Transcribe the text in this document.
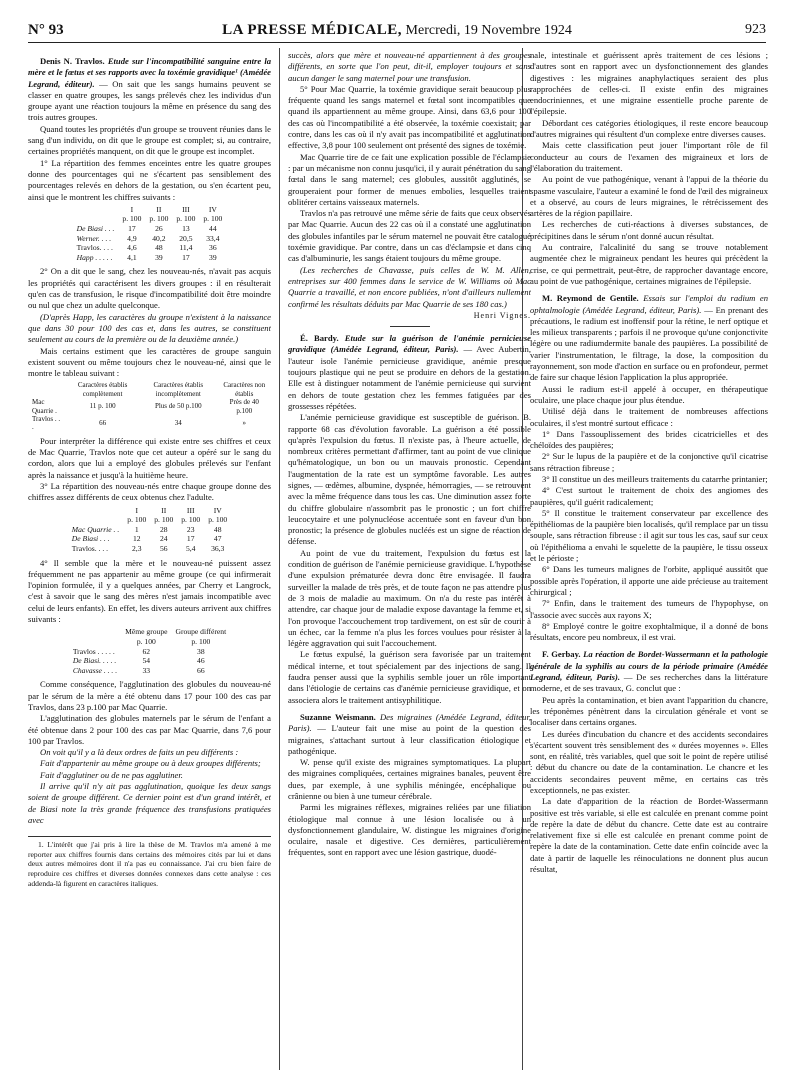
N° 93	LA PRESSE MÉDICALE, Mercredi, 19 Novembre 1924	923

Denis N. Travlos. Etude sur l'incompatibilité sanguine entre la mère et le fœtus et ses rapports avec la toxémie gravidique¹ (Amédée Legrand, éditeur). — On sait que les sangs humains peuvent se classer en quatre groupes, les sangs prélevés chez les individus d'un groupe ayant une réaction toujours la même en présence du sang des trois autres groupes.

Quand toutes les propriétés d'un groupe se trouvent réunies dans le sang d'un individu, on dit que le groupe est complet; si, au contraire, certaines propriétés manquent, on dit que le groupe est incomplet.

1° La répartition des femmes enceintes entre les quatre groupes donne des pourcentages qui ne s'écartent pas sensiblement des pourcentages relevés en dehors de la gestation, ou s'en écartent peu, ainsi que le montrent les chiffres suivants :

	I	II	III	IV
	p. 100	p. 100	p. 100	p. 100
De Biasi . . .	17	26	13	44
Werner. . . .	4,9	40,2	20,5	33,4
Travlos. . . .	4,6	48	11,4	36
Happ . . . . .	4,1	39	17	39

2° On a dit que le sang, chez les nouveau-nés, n'avait pas acquis les propriétés qui caractérisent les divers groupes : il en résulterait qu'en cas de transfusion, le risque d'incompatibilité doit être moindre ou nul que chez un adulte quelconque.

(D'après Happ, les caractères du groupe n'existent à la naissance que dans 30 pour 100 des cas et, dans les autres, se constituent seulement au cours de la première ou de la deuxième année.)

Mais certains estiment que les caractères de groupe sanguin existent souvent ou même toujours chez le nouveau-né, ainsi que le montre le tableau suivant :

	Caractères établis complètement	Caractères établis incomplètement	Caractères non établis
Mac Quarrie .	11 p. 100	Plus de 50 p.100	Près de 40 p.100
Travlos . . .	66	34	»

Pour interpréter la différence qui existe entre ses chiffres et ceux de Mac Quarrie, Travlos note que cet auteur a opéré sur le sang du cordon, alors que lui a employé des globules prélevés sur l'enfant après la naissance et jusqu'à la huitième heure.

3° La répartition des nouveau-nés entre chaque groupe donne des chiffres assez différents de ceux obtenus chez l'adulte.

	I	II	III	IV
	p. 100	p. 100	p. 100	p. 100
Mac Quarrie . .	1	28	23	48
De Biasi . . .	12	24	17	47
Travlos. . . .	2,3	56	5,4	36,3

4° Il semble que la mère et le nouveau-né puissent assez fréquemment ne pas appartenir au même groupe (ce qui infirmerait l'opinion formulée, il y a quelques années, par Cherry et Langrock, c'est à savoir que le sang des mères n'est jamais incompatible avec celui de leurs enfants). En effet, les divers auteurs arrivent aux chiffres suivants :

	Même groupe	Groupe différent
	p. 100	p. 100
Travlos . . . . .	62	38
De Biasi. . . . .	54	46
Chavasse . . . .	33	66

Comme conséquence, l'agglutination des globules du nouveau-né par le sérum de la mère a été obtenu dans 17 pour 100 des cas par Travlos, dans 23 p.100 par Mac Quarrie.

L'agglutination des globules maternels par le sérum de l'enfant a été obtenue dans 2 pour 100 des cas par Mac Quarrie, dans 7,6 pour 100 par Travlos.

On voit qu'il y a là deux ordres de faits un peu différents :

Fait d'appartenir au même groupe ou à deux groupes différents;

Fait d'agglutiner ou de ne pas agglutiner.

Il arrive qu'il n'y ait pas agglutination, quoique les deux sangs soient de groupe différent. Ce dernier point est d'un grand intérêt, et de Biasi note la très grande fréquence des transfusions pratiquées avec

1. L'intérêt que j'ai pris à lire la thèse de M. Travlos m'a amené à me reporter aux chiffres fournis dans certains des mémoires cités par lui et dans deux autres mémoires dont il n'a pas eu connaissance. J'ai cru bien faire de reproduire ces chiffres et diverses données connexes dans cette analyse : ces addenda-là figurent en caractères italiques.

succès, alors que mère et nouveau-né appartiennent à des groupes différents, en sorte que l'on peut, dit-il, employer toujours et sans aucun danger le sang maternel pour une transfusion.

5° Pour Mac Quarrie, la toxémie gravidique serait beaucoup plus fréquente quand les sangs maternel et fœtal sont incompatibles que quand ils appartiennent au même groupe. Ainsi, dans 63,6 pour 100 des cas où l'incompatibilité a été observée, la toxémie coexistait; par contre, dans les cas où il n'y avait pas incompatibilité et agglutination effective, 3,8 pour 100 seulement ont présenté des signes de toxémie.

Mac Quarrie tire de ce fait une explication possible de l'éclampsie : par un mécanisme non connu jusqu'ici, il y aurait pénétration du sang fœtal dans le sang maternel; ces globules, aussitôt agglutinés, se grouperaient pour former de menues embolies, lesquelles traient oblitérer certains vaisseaux maternels.

Travlos n'a pas retrouvé une même série de faits que ceux observés par Mac Quarrie. Aucun des 22 cas où il a constaté une agglutination des globules infantiles par le sérum maternel ne pouvait être catalogué toxémie gravidique. Par contre, dans un cas d'éclampsie et dans cinq cas d'albuminurie, les sangs étaient toujours du même groupe.

(Les recherches de Chavasse, puis celles de W. M. Allen, entreprises sur 400 femmes dans le service de W. Williams où Mac Quarrie a travaillé, et non encore publiées, n'ont d'ailleurs nullement confirmé les résultats déduits par Mac Quarrie de ses 180 cas.)

Henri Vignes.

É. Bardy. Etude sur la guérison de l'anémie pernicieuse gravidique (Amédée Legrand, éditeur, Paris). — Avec Aubertin, l'auteur isole l'anémie pernicieuse gravidique, anémie presque toujours plastique qui ne peut se produire en dehors de la gestation. Elle est à distinguer notamment de l'anémie pernicieuse qui survient en dehors de toute gestation chez les femmes fatiguées par des grossesses répétées.

L'anémie pernicieuse gravidique est susceptible de guérison. B. rapporte 68 cas d'évolution favorable. La guérison a été possible qu'après l'expulsion du fœtus. Il n'existe pas, à l'heure actuelle, de nombreux critères permettant d'affirmer, tant au point de vue clinique qu'hématologique, un bon ou un mauvais pronostic. Cependant l'augmentation de la rate est un symptôme favorable. Les autres signes, — œdèmes, albumine, dyspnée, hémorragies, — se retrouvent avec la même fréquence dans tous les cas. Une diminution assez forte du chiffre globulaire n'assombrit pas le pronostic ; un fort chiffre leucocytaire et une polynucléose accentuée sont en faveur d'un bon pronostic; la présence de globules nucléés est un signe de réaction de défense.

Au point de vue du traitement, l'expulsion du fœtus est la condition de guérison de l'anémie pernicieuse gravidique. L'hypothèse d'une expulsion prématurée devra donc être envisagée. Il faudra surveiller la malade de très près, et de toute façon ne pas attendre plus de 3 mois de maladie au maximum. On n'a du reste pas intérêt à attendre, car chaque jour de maladie expose davantage la femme et, si l'on provoque l'accouchement trop tardivement, on est sûr de courir à un échec, car la femme n'a plus les forces voulues pour résister à la légère aggravation qui suit l'accouchement.

Le fœtus expulsé, la guérison sera favorisée par un traitement médical interne, et tout spécialement par des injections de sang. Il faudra penser aussi que la syphilis semble jouer un rôle important dans l'étiologie de certains cas d'anémie pernicieuse gravidique, et on associera alors le traitement antisyphilitique.

Suzanne Weismann. Des migraines (Amédée Legrand, éditeur, Paris). — L'auteur fait une mise au point de la question des migraines, s'attachant surtout à leur classification étiologique et pathogénique.

W. pense qu'il existe des migraines symptomatiques. La plupart des migraines compliquées, certaines migraines banales, peuvent être dues, par exemple, à une syphilis méningée, encéphalique ou crânienne ou bien à une tumeur cérébrale.

Parmi les migraines réflexes, migraines reliées par une filiation étiologique mal connue à une lésion localisée ou à un dysfonctionnement glandulaire, W. distingue les migraines d'origine oculaire, nasale et digestive. Ces dernières, particulièrement fréquentes, sont en rapport avec une lésion gastrique, duodé-

nale, intestinale et guérissent après traitement de ces lésions ; d'autres sont en rapport avec un dysfonctionnement des glandes digestives : les migraines anaphylactiques seraient des plus rapprochées de celles-ci. Il existe enfin des migraines endocriniennes, et une migraine essentielle proche parente de l'épilepsie.

Débordant ces catégories étiologiques, il reste encore beaucoup d'autres migraines qui résultent d'un complexe entre diverses causes.

Mais cette classification peut jouer l'important rôle de fil conducteur au cours de l'examen des migraineux et lors de l'élaboration du traitement.

Au point de vue pathogénique, venant à l'appui de la théorie du spasme vasculaire, l'auteur a examiné le fond de l'œil des migraineux et a observé, au cours de leurs migraines, le rétrécissement des artères de la région papillaire.

Les recherches de cuti-réactions à diverses substances, de précipitines dans le sérum n'ont donné aucun résultat.

Au contraire, l'alcalinité du sang se trouve notablement augmentée chez le migraineux pendant les heures qui précèdent la crise, ce qui permettrait, peut-être, de rapprocher davantage encore, au point de vue pathogénique, certaines migraines de l'épilepsie.

M. Reymond de Gentile. Essais sur l'emploi du radium en ophtalmologie (Amédée Legrand, éditeur, Paris). — En prenant des précautions, le radium est inoffensif pour la rétine, le nerf optique et les milieux transparents ; parfois il ne provoque qu'une conjonctivite légère ou une radiumdermite banale des paupières. La possibilité de varier l'instrumentation, le filtrage, la dose, la composition du rayonnement, son mode d'action en surface ou en profondeur, permet de faire sur chaque lésion l'application la plus appropriée.

Aussi le radium est-il appelé à occuper, en thérapeutique oculaire, une place chaque jour plus étendue.

Utilisé déjà dans le traitement de nombreuses affections oculaires, il s'est montré surtout efficace :

1° Dans l'assouplissement des brides cicatricielles et des chéloïdes des paupières;

2° Sur le lupus de la paupière et de la conjonctive qu'il cicatrise sans rétraction fibreuse ;

3° Il constitue un des meilleurs traitements du catarrhe printanier;

4° C'est surtout le traitement de choix des angiomes des paupières, qu'il guérit radicalement;

5° Il constitue le traitement conservateur par excellence des épithéliomas de la paupière bien localisés, qu'il remplace par un tissu souple, sans rétraction fibreuse : il agit sur tous les cas, sauf sur ceux où l'épithélioma a envahi le squelette de la paupière, le tissu osseux et le périoste ;

6° Dans les tumeurs malignes de l'orbite, appliqué aussitôt que possible après l'opération, il apporte une aide précieuse au traitement chirurgical ;

7° Enfin, dans le traitement des tumeurs de l'hypophyse, on l'associe avec succès aux rayons X;

8° Employé contre le goitre exophtalmique, il a donné de bons résultats, encore peu nombreux, il est vrai.

F. Gerbay. La réaction de Bordet-Wassermann et la pathologie générale de la syphilis au cours de la période primaire (Amédée Legrand, éditeur, Paris). — De ses recherches dans la littérature moderne, et de ses travaux, G. conclut que :

Peu après la contamination, et bien avant l'apparition du chancre, les tréponèmes pénètrent dans la circulation générale et vont se localiser dans certains organes.

Les durées d'incubation du chancre et des accidents secondaires s'écartent souvent très sensiblement des « durées moyennes ». Elles sont, en réalité, très variables, quel que soit le point de repère utilisé : début du chancre ou date de la contamination. Le chancre et les accidents secondaires peuvent même, en certains cas très exceptionnels, ne pas exister.

La date d'apparition de la réaction de Bordet-Wassermann positive est très variable, si elle est calculée en prenant comme point de repère la date de début du chancre. Cette date est au contraire relativement fixe si elle est calculée en prenant comme point de repère la date de la contamination. Cette date enfin coïncide avec la date à partir de laquelle les réinoculations ne donnent plus aucun résultat,
